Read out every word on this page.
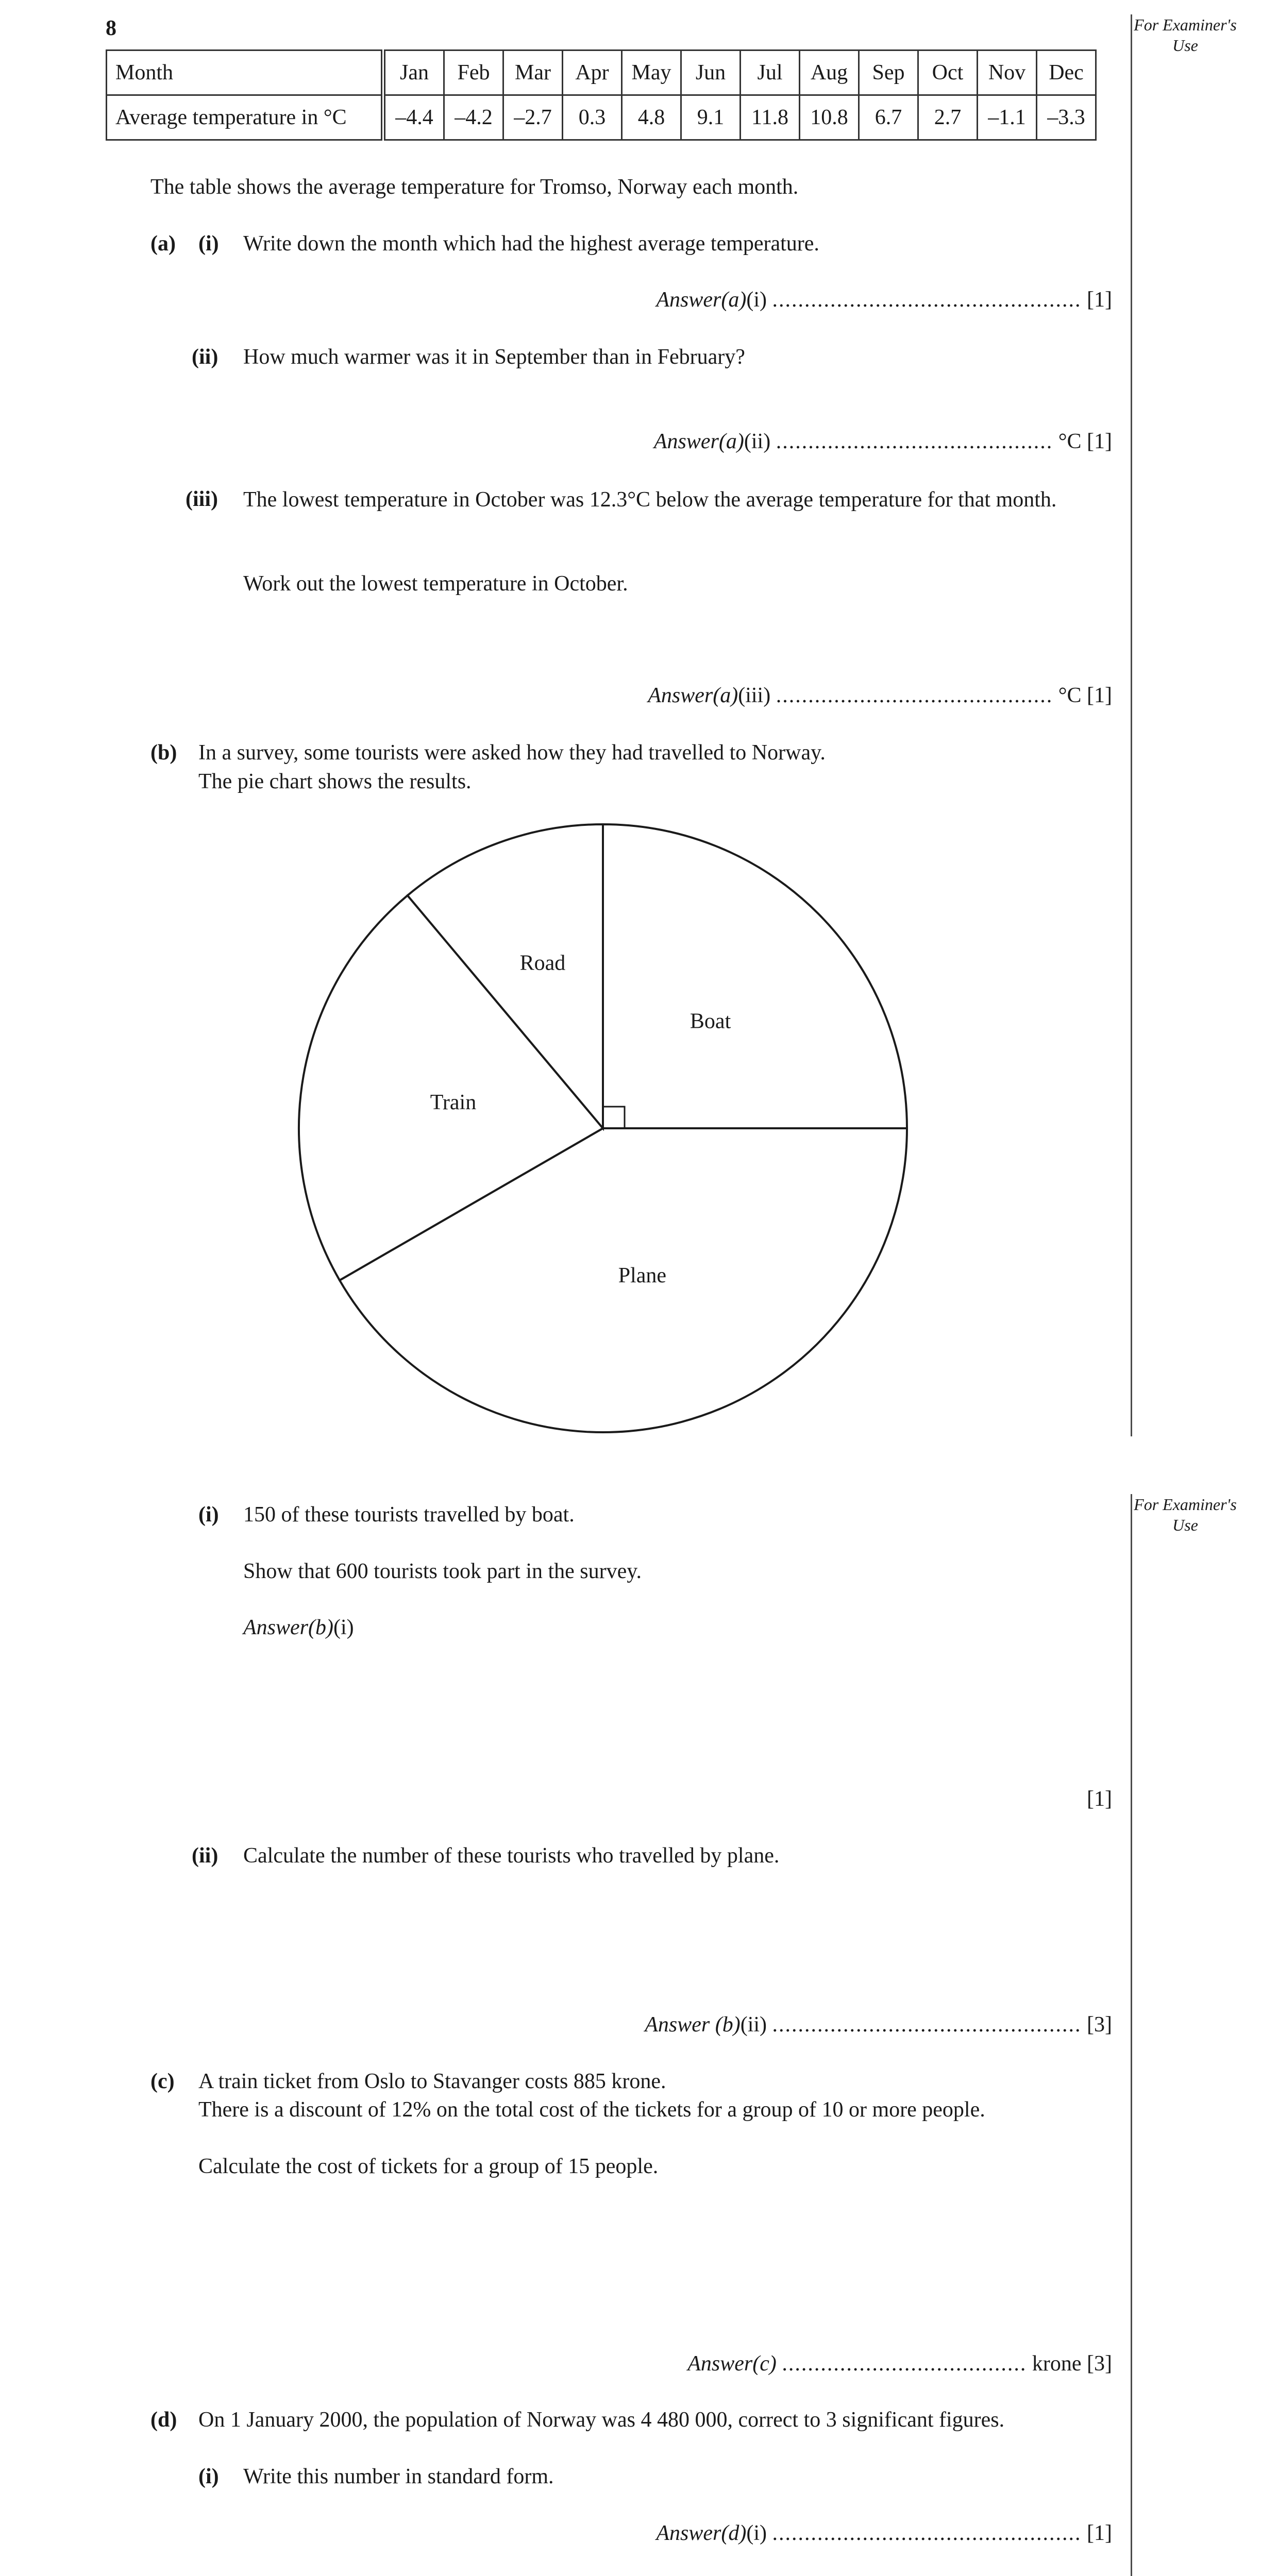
8	For Examiner's Use
For Examiner's Use
Month	Jan	Feb	Mar	Apr	May	Jun	Jul	Aug	Sep	Oct	Nov	Dec
Average temperature in °C	–4.4	–4.2	–2.7	0.3	4.8	9.1	11.8	10.8	6.7	2.7	–1.1	–3.3
The table shows the average temperature for Tromso, Norway each month.
(a) (i) Write down the month which had the highest average temperature.
Answer(a)(i) ................................................ [1]
(ii) How much warmer was it in September than in February?
Answer(a)(ii) ........................................... °C [1]
(iii) The lowest temperature in October was 12.3°C below the average temperature for that month.
Work out the lowest temperature in October.
Answer(a)(iii) ........................................... °C [1]
(b) In a survey, some tourists were asked how they had travelled to Norway.
The pie chart shows the results.
Boat
Plane
Train
Road
(i) 150 of these tourists travelled by boat.
Show that 600 tourists took part in the survey.
Answer(b)(i)
[1]
(ii) Calculate the number of these tourists who travelled by plane.
Answer (b)(ii) ................................................ [3]
(c) A train ticket from Oslo to Stavanger costs 885 krone.
There is a discount of 12% on the total cost of the tickets for a group of 10 or more people.
Calculate the cost of tickets for a group of 15 people.
Answer(c) ...................................... krone [3]
(d) On 1 January 2000, the population of Norway was 4 480 000, correct to 3 significant figures.
(i) Write this number in standard form.
Answer(d)(i) ................................................ [1]
